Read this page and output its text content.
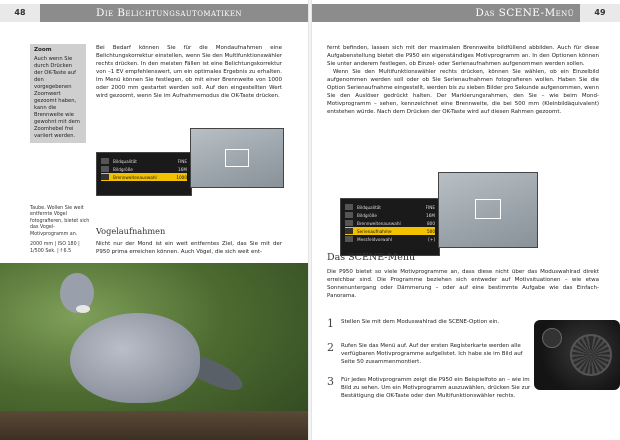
48	Die Belichtungsautomatiken
Zoom
Auch wenn Sie durch Drücken der OK-Taste auf den vorgegebenen Zoomwert gezoomt haben, kann die Brennweite wie gewohnt mit dem Zoomhebel frei variiert werden.
Bei Bedarf können Sie für die Mondaufnahmen eine Belichtungskorrektur einstellen, wenn Sie den Multifunktionswähler rechts drücken. In den meisten Fällen ist eine Belichtungskorrektur von –1 EV empfehlenswert, um ein optimales Ergebnis zu erhalten. Im Menü können Sie festlegen, ob mit einer Brennweite von 1000 oder 2000 mm gestartet werden soll. Auf den eingestellten Wert wird gezoomt, wenn Sie im Aufnahmemodus die OK-Taste drücken.
Bildqualität	FINE
Bildgröße	16M
Brennweitenauswahl	1000
Taube. Wollen Sie weit entfernte Vögel fotografieren, bietet sich das Vogel-Motivprogramm an.
2000 mm | ISO 180 | 1/500 Sek. | f 6.5
Vogelaufnahmen
Nicht nur der Mond ist ein weit entferntes Ziel, das Sie mit der P950 prima erreichen können. Auch Vögel, die sich weit ent-
Das SCENE-Menü	49
fernt befinden, lassen sich mit der maximalen Brennweite bildfüllend abbilden. Auch für diese Aufgabenstellung bietet die P950 ein eigenständiges Motivprogramm an. In den Optionen können Sie unter anderem festlegen, ob Einzel- oder Serienaufnahmen aufgenommen werden sollen.
Wenn Sie den Multifunktionswähler rechts drücken, können Sie wählen, ob ein Einzelbild aufgenommen werden soll oder ob Sie Serienaufnahmen fotografieren wollen. Haben Sie die Option Serienaufnahme eingestellt, werden bis zu sieben Bilder pro Sekunde aufgenommen, wenn Sie den Auslöser gedrückt halten. Der Markierungsrahmen, den Sie – wie beim Mond-Motivprogramm – sehen, kennzeichnet eine Brennweite, die bei 500 mm (Kleinbildäquivalent) entstehen würde. Nach dem Drücken der OK-Taste wird auf diesen Rahmen gezoomt.
Bildqualität	FINE
Bildgröße	16M
Brennweitenauswahl	800
Serienaufnahme	500
Messfeldvorwahl	[+]
Das SCENE-Menü
Die P950 bietet so viele Motivprogramme an, dass diese nicht über das Moduswahlrad direkt erreichbar sind. Die Programme beziehen sich entweder auf Motivsituationen – wie etwa Sonnenuntergang oder Dämmerung – oder auf eine bestimmte Aufgabe wie das Einfach-Panorama.
1	Stellen Sie mit dem Moduswahlrad die SCENE-Option ein.
2	Rufen Sie das Menü auf. Auf der ersten Registerkarte werden alle verfügbaren Motivprogramme aufgelistet. Ich habe sie im Bild auf Seite 50 zusammenmontiert.
3	Für jedes Motivprogramm zeigt die P950 ein Beispielfoto an – wie im Bild zu sehen. Um ein Motivprogramm auszuwählen, drücken Sie zur Bestätigung die OK-Taste oder den Multifunktionswähler rechts.
